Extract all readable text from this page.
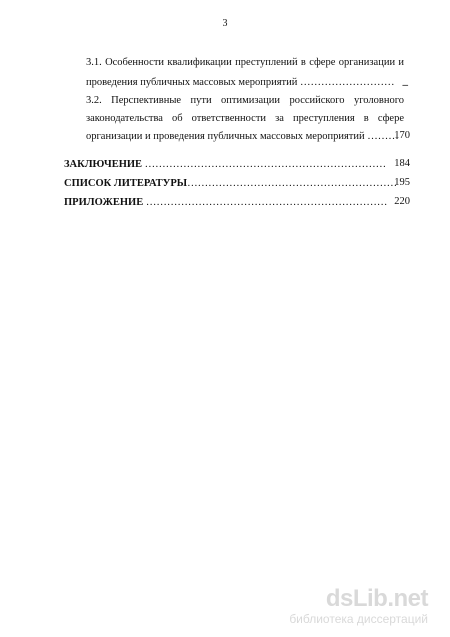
3
3.1. Особенности квалификации преступлений в сфере организации и
проведения публичных массовых мероприятий ……………………… –
3.2. Перспективные пути оптимизации российского уголовного
законодательства об ответственности за преступления в сфере
организации и проведения публичных массовых мероприятий ………
170
ЗАКЛЮЧЕНИЕ …………………………………………………………… 184
СПИСОК ЛИТЕРАТУРЫ……………………………………………………
195
ПРИЛОЖЕНИЕ …………………………………………………………… 220
dsLib.net
библиотека диссертаций
